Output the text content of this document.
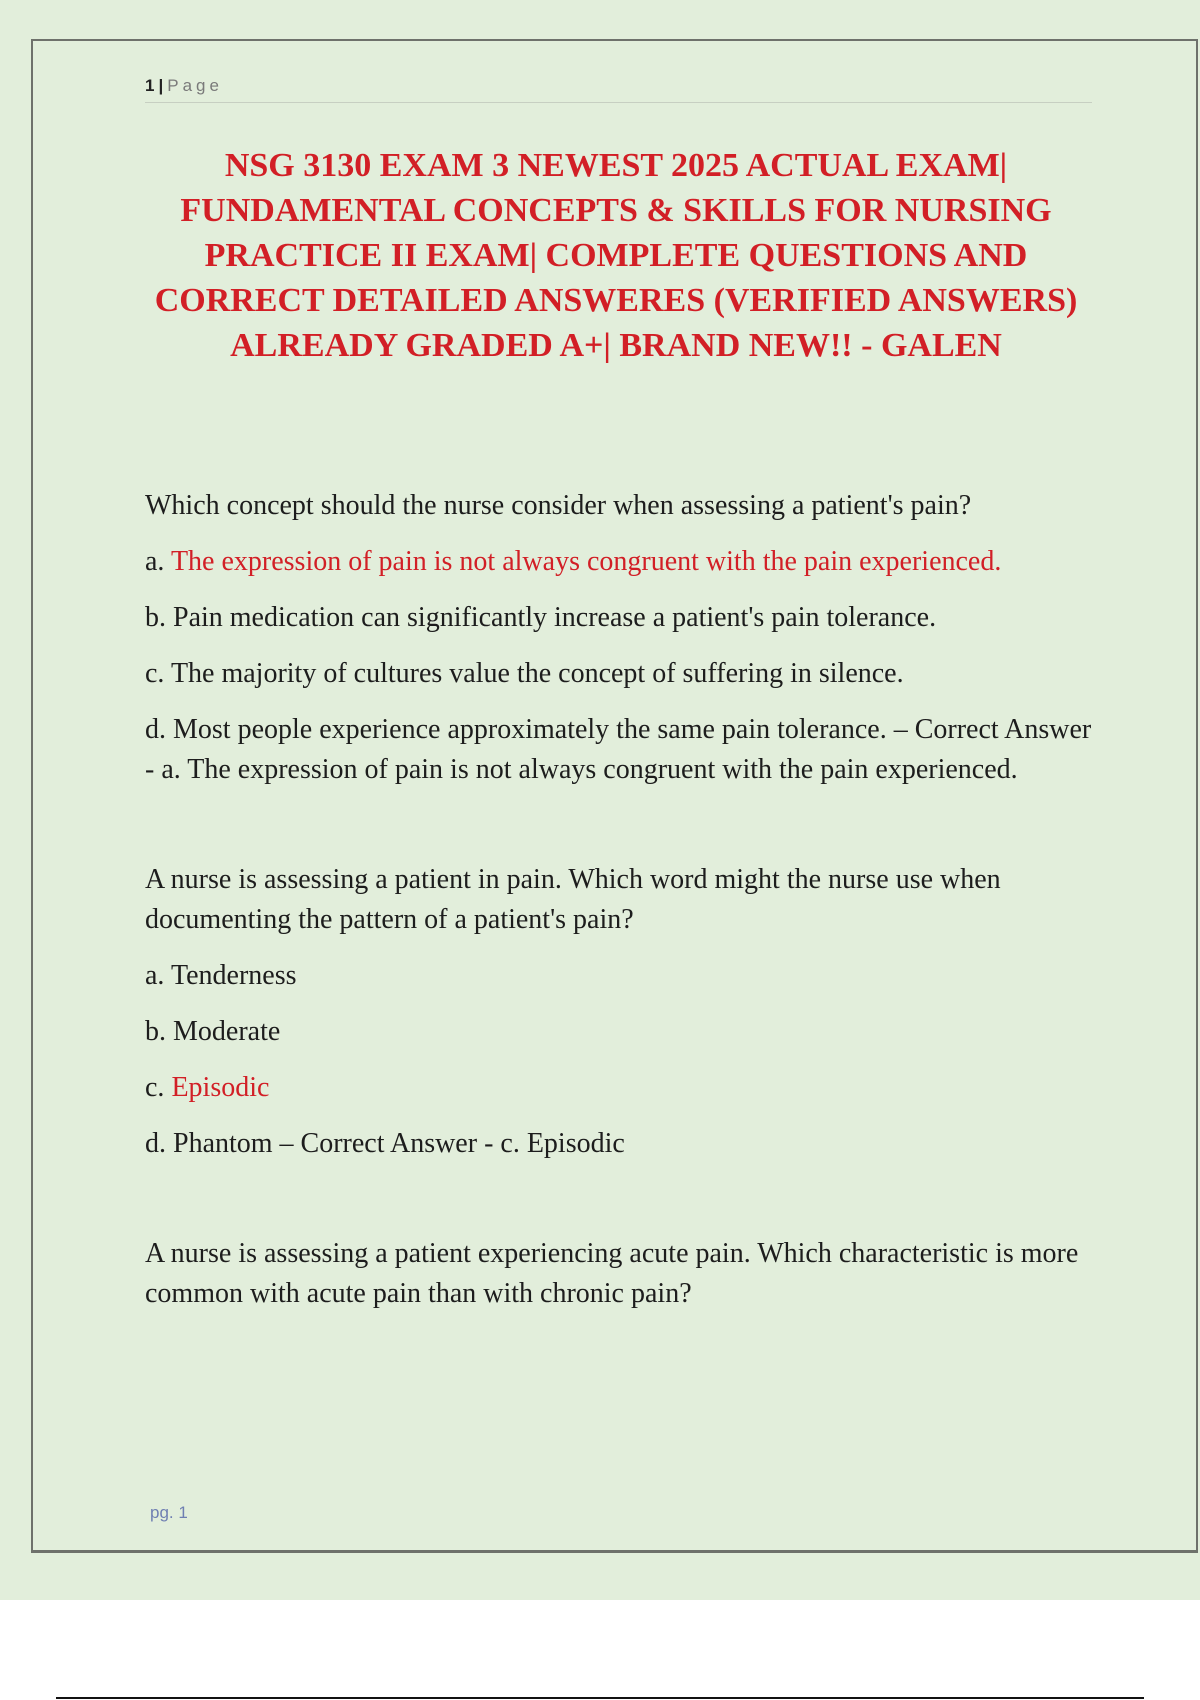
1 | Page
NSG 3130 EXAM 3 NEWEST 2025 ACTUAL EXAM| FUNDAMENTAL CONCEPTS & SKILLS FOR NURSING PRACTICE II EXAM| COMPLETE QUESTIONS AND CORRECT DETAILED ANSWERES (VERIFIED ANSWERS) ALREADY GRADED A+| BRAND NEW!! - GALEN

Which concept should the nurse consider when assessing a patient's pain?

a. The expression of pain is not always congruent with the pain experienced.

b. Pain medication can significantly increase a patient's pain tolerance.

c. The majority of cultures value the concept of suffering in silence.

d. Most people experience approximately the same pain tolerance. – Correct Answer - a. The expression of pain is not always congruent with the pain experienced.

A nurse is assessing a patient in pain. Which word might the nurse use when documenting the pattern of a patient's pain?

a. Tenderness

b. Moderate

c. Episodic

d. Phantom – Correct Answer - c. Episodic

A nurse is assessing a patient experiencing acute pain. Which characteristic is more common with acute pain than with chronic pain?

pg. 1
